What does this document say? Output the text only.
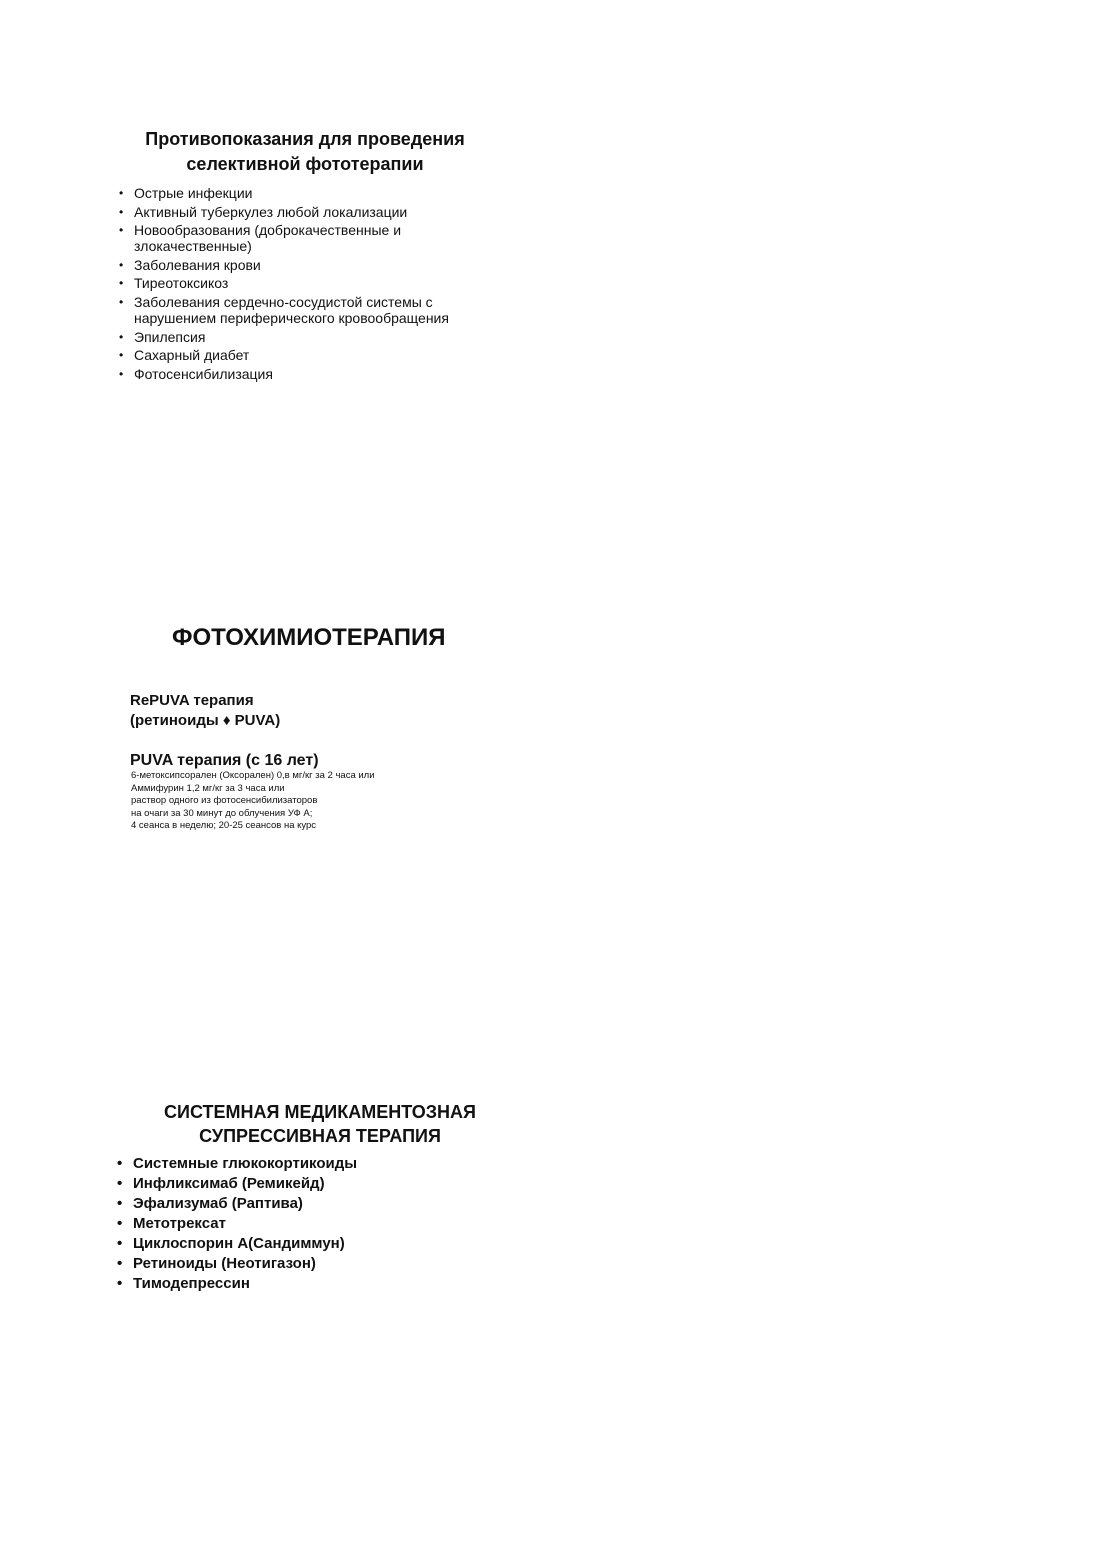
Противопоказания для проведения
селективной фототерапии
• Острые инфекции
• Активный туберкулез любой локализации
• Новообразования (доброкачественные и злокачественные)
• Заболевания крови
• Тиреотоксикоз
• Заболевания сердечно-сосудистой системы с нарушением периферического кровообращения
• Эпилепсия
• Сахарный диабет
• Фотосенсибилизация
ФОТОХИМИОТЕРАПИЯ
RePUVA терапия
(ретиноиды ♦ PUVA)
PUVA терапия (с 16 лет)
6-метоксипсорален (Оксорален) 0,в мг/кг за 2 часа или
Аммифурин 1,2 мг/кг за 3 часа или
раствор одного из фотосенсибилизаторов
на очаги за 30 минут до облучения УФ А;
4 сеанса в неделю; 20-25 сеансов на курс
СИСТЕМНАЯ МЕДИКАМЕНТОЗНАЯ
СУПРЕССИВНАЯ ТЕРАПИЯ
• Системные глюкокортикоиды
• Инфликсимаб (Ремикейд)
• Эфализумаб (Раптива)
• Метотрексат
• Циклоспорин А(Сандиммун)
• Ретиноиды (Неотигазон)
• Тимодепрессин
